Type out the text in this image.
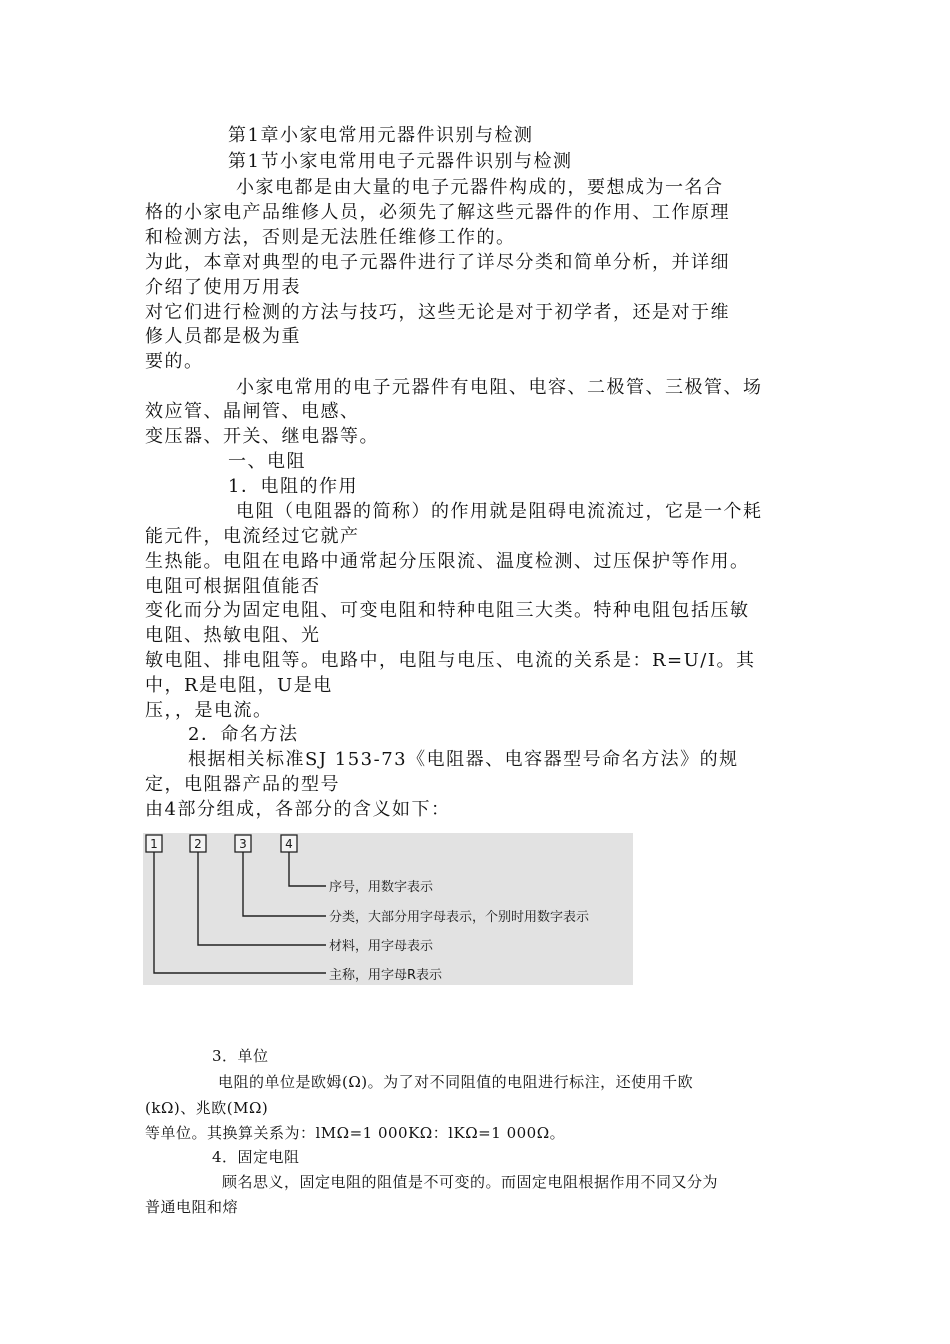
第1章小家电常用元器件识别与检测
第1节小家电常用电子元器件识别与检测
小家电都是由大量的电子元器件构成的，要想成为一名合
格的小家电产品维修人员，必须先了解这些元器件的作用、工作原理
和检测方法，否则是无法胜任维修工作的。
为此，本章对典型的电子元器件进行了详尽分类和简单分析，并详细
介绍了使用万用表
对它们进行检测的方法与技巧，这些无论是对于初学者，还是对于维
修人员都是极为重
要的。
小家电常用的电子元器件有电阻、电容、二极管、三极管、场
效应管、晶闸管、电感、
变压器、开关、继电器等。
一、电阻
1．电阻的作用
电阻（电阻器的简称）的作用就是阻碍电流流过，它是一个耗
能元件，电流经过它就产
生热能。电阻在电路中通常起分压限流、温度检测、过压保护等作用。
电阻可根据阻值能否
变化而分为固定电阻、可变电阻和特种电阻三大类。特种电阻包括压敏
电阻、热敏电阻、光
敏电阻、排电阻等。电路中，电阻与电压、电流的关系是：R=U/I。其
中，R是电阻，U是电
压，，是电流。
2．命名方法
根据相关标准SJ 153-73《电阻器、电容器型号命名方法》的规
定，电阻器产品的型号
由4部分组成，各部分的含义如下：
1	2	3	4
序号，用数字表示
分类，大部分用字母表示，个别时用数字表示
材料，用字母表示
主称，用字母R表示
3．单位
电阻的单位是欧姆(Ω)。为了对不同阻值的电阻进行标注，还使用千欧
(kΩ)、兆欧(MΩ)
等单位。其换算关系为：lMΩ=1 000KΩ：lKΩ=1 000Ω。
4．固定电阻
顾名思义，固定电阻的阻值是不可变的。而固定电阻根据作用不同又分为
普通电阻和熔
